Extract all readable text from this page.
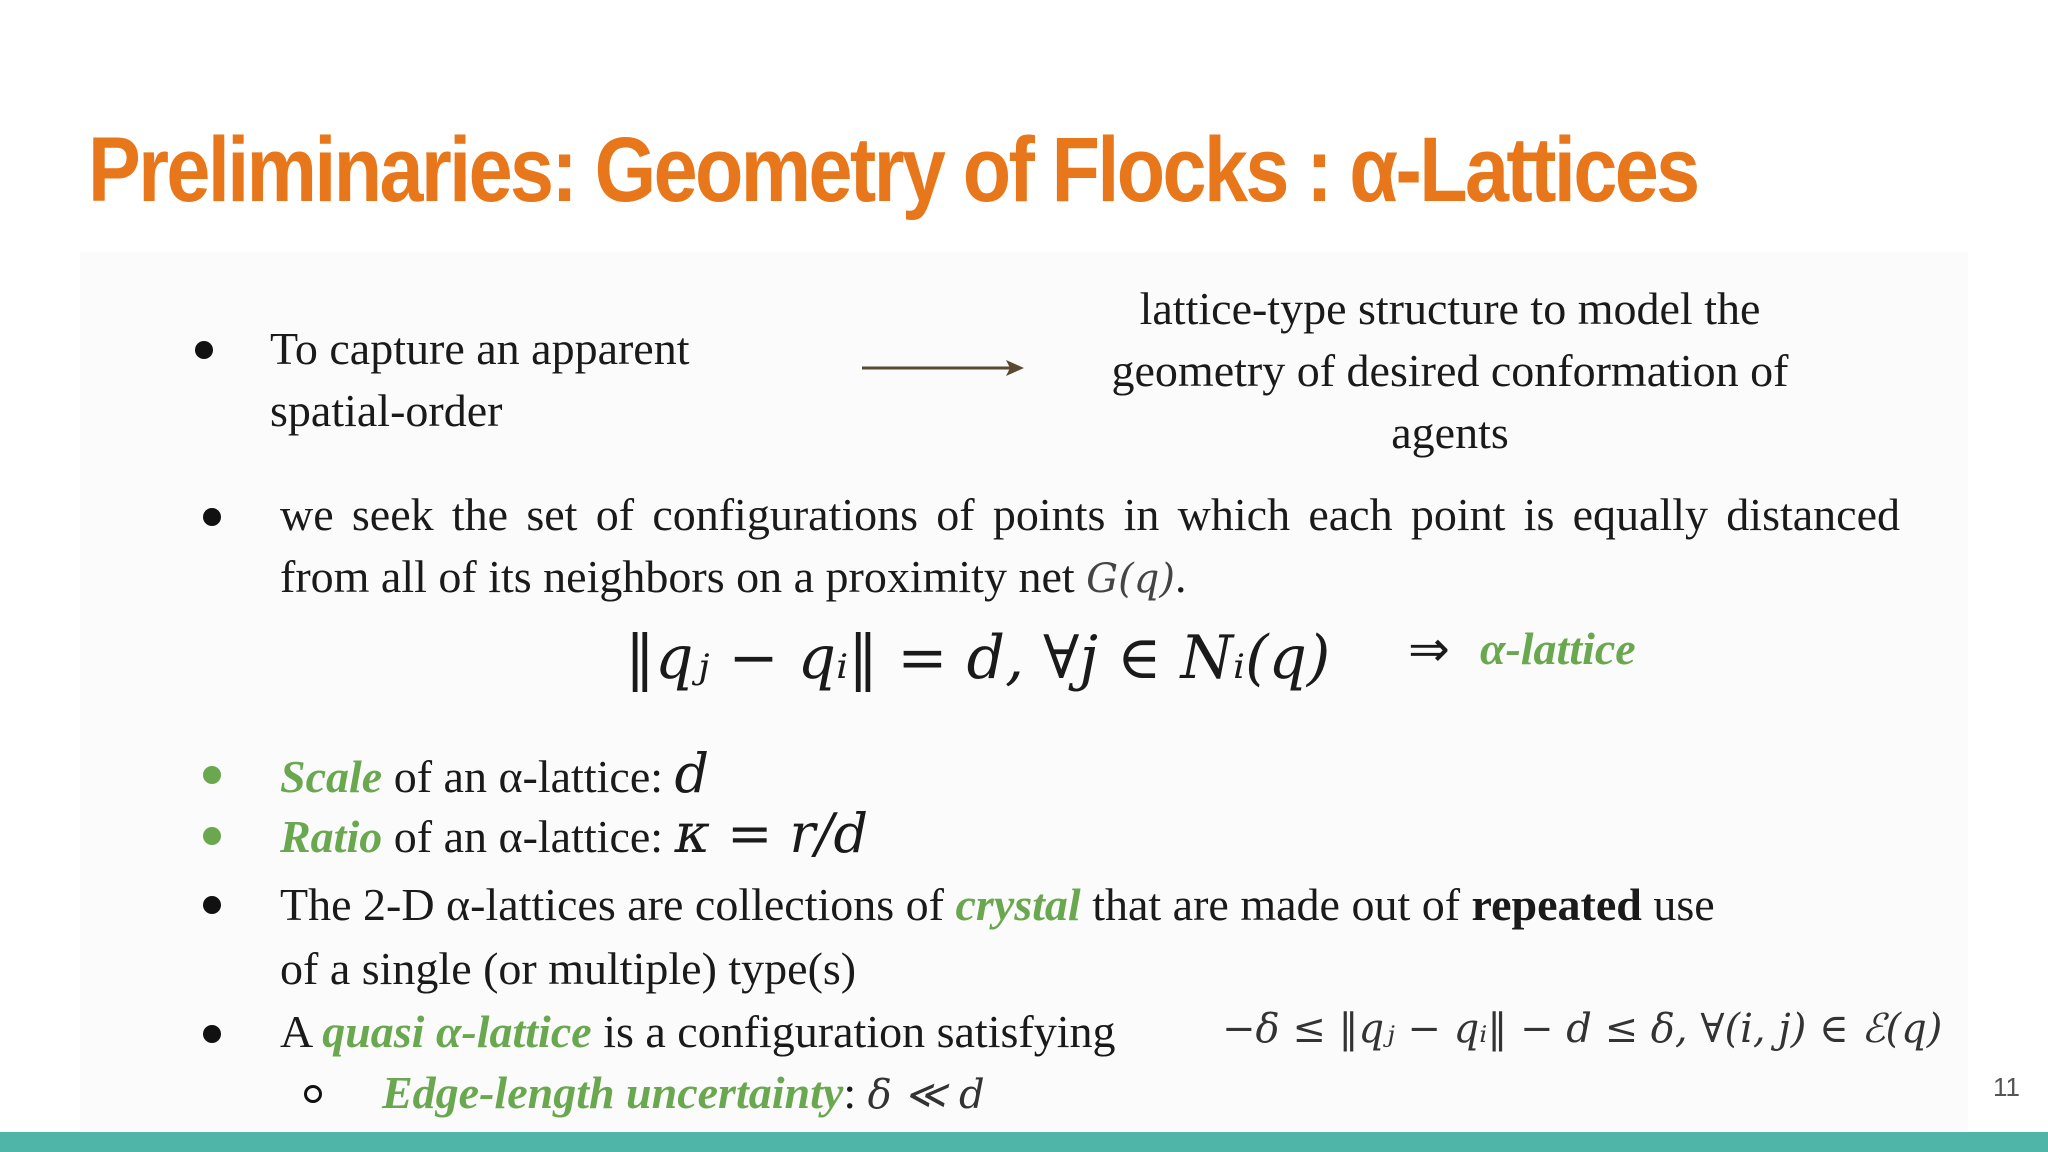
Preliminaries: Geometry of Flocks : α-Lattices
To capture an apparent
spatial-order
lattice-type structure to model the
geometry of desired conformation of
agents
we seek the set of configurations of points in which each point is equally distanced from all of its neighbors on a proximity net G(q).
‖qⱼ − qᵢ‖ = d, ∀j ∈ Nᵢ(q) ⇒ α-lattice
Scale of an α-lattice: d
Ratio of an α-lattice: κ = r/d
The 2-D α-lattices are collections of crystal that are made out of repeated use
of a single (or multiple) type(s)
A quasi α-lattice is a configuration satisfying	−δ ≤ ‖qⱼ − qᵢ‖ − d ≤ δ, ∀(i, j) ∈ ℰ(q)
Edge-length uncertainty: δ ≪ d	11
